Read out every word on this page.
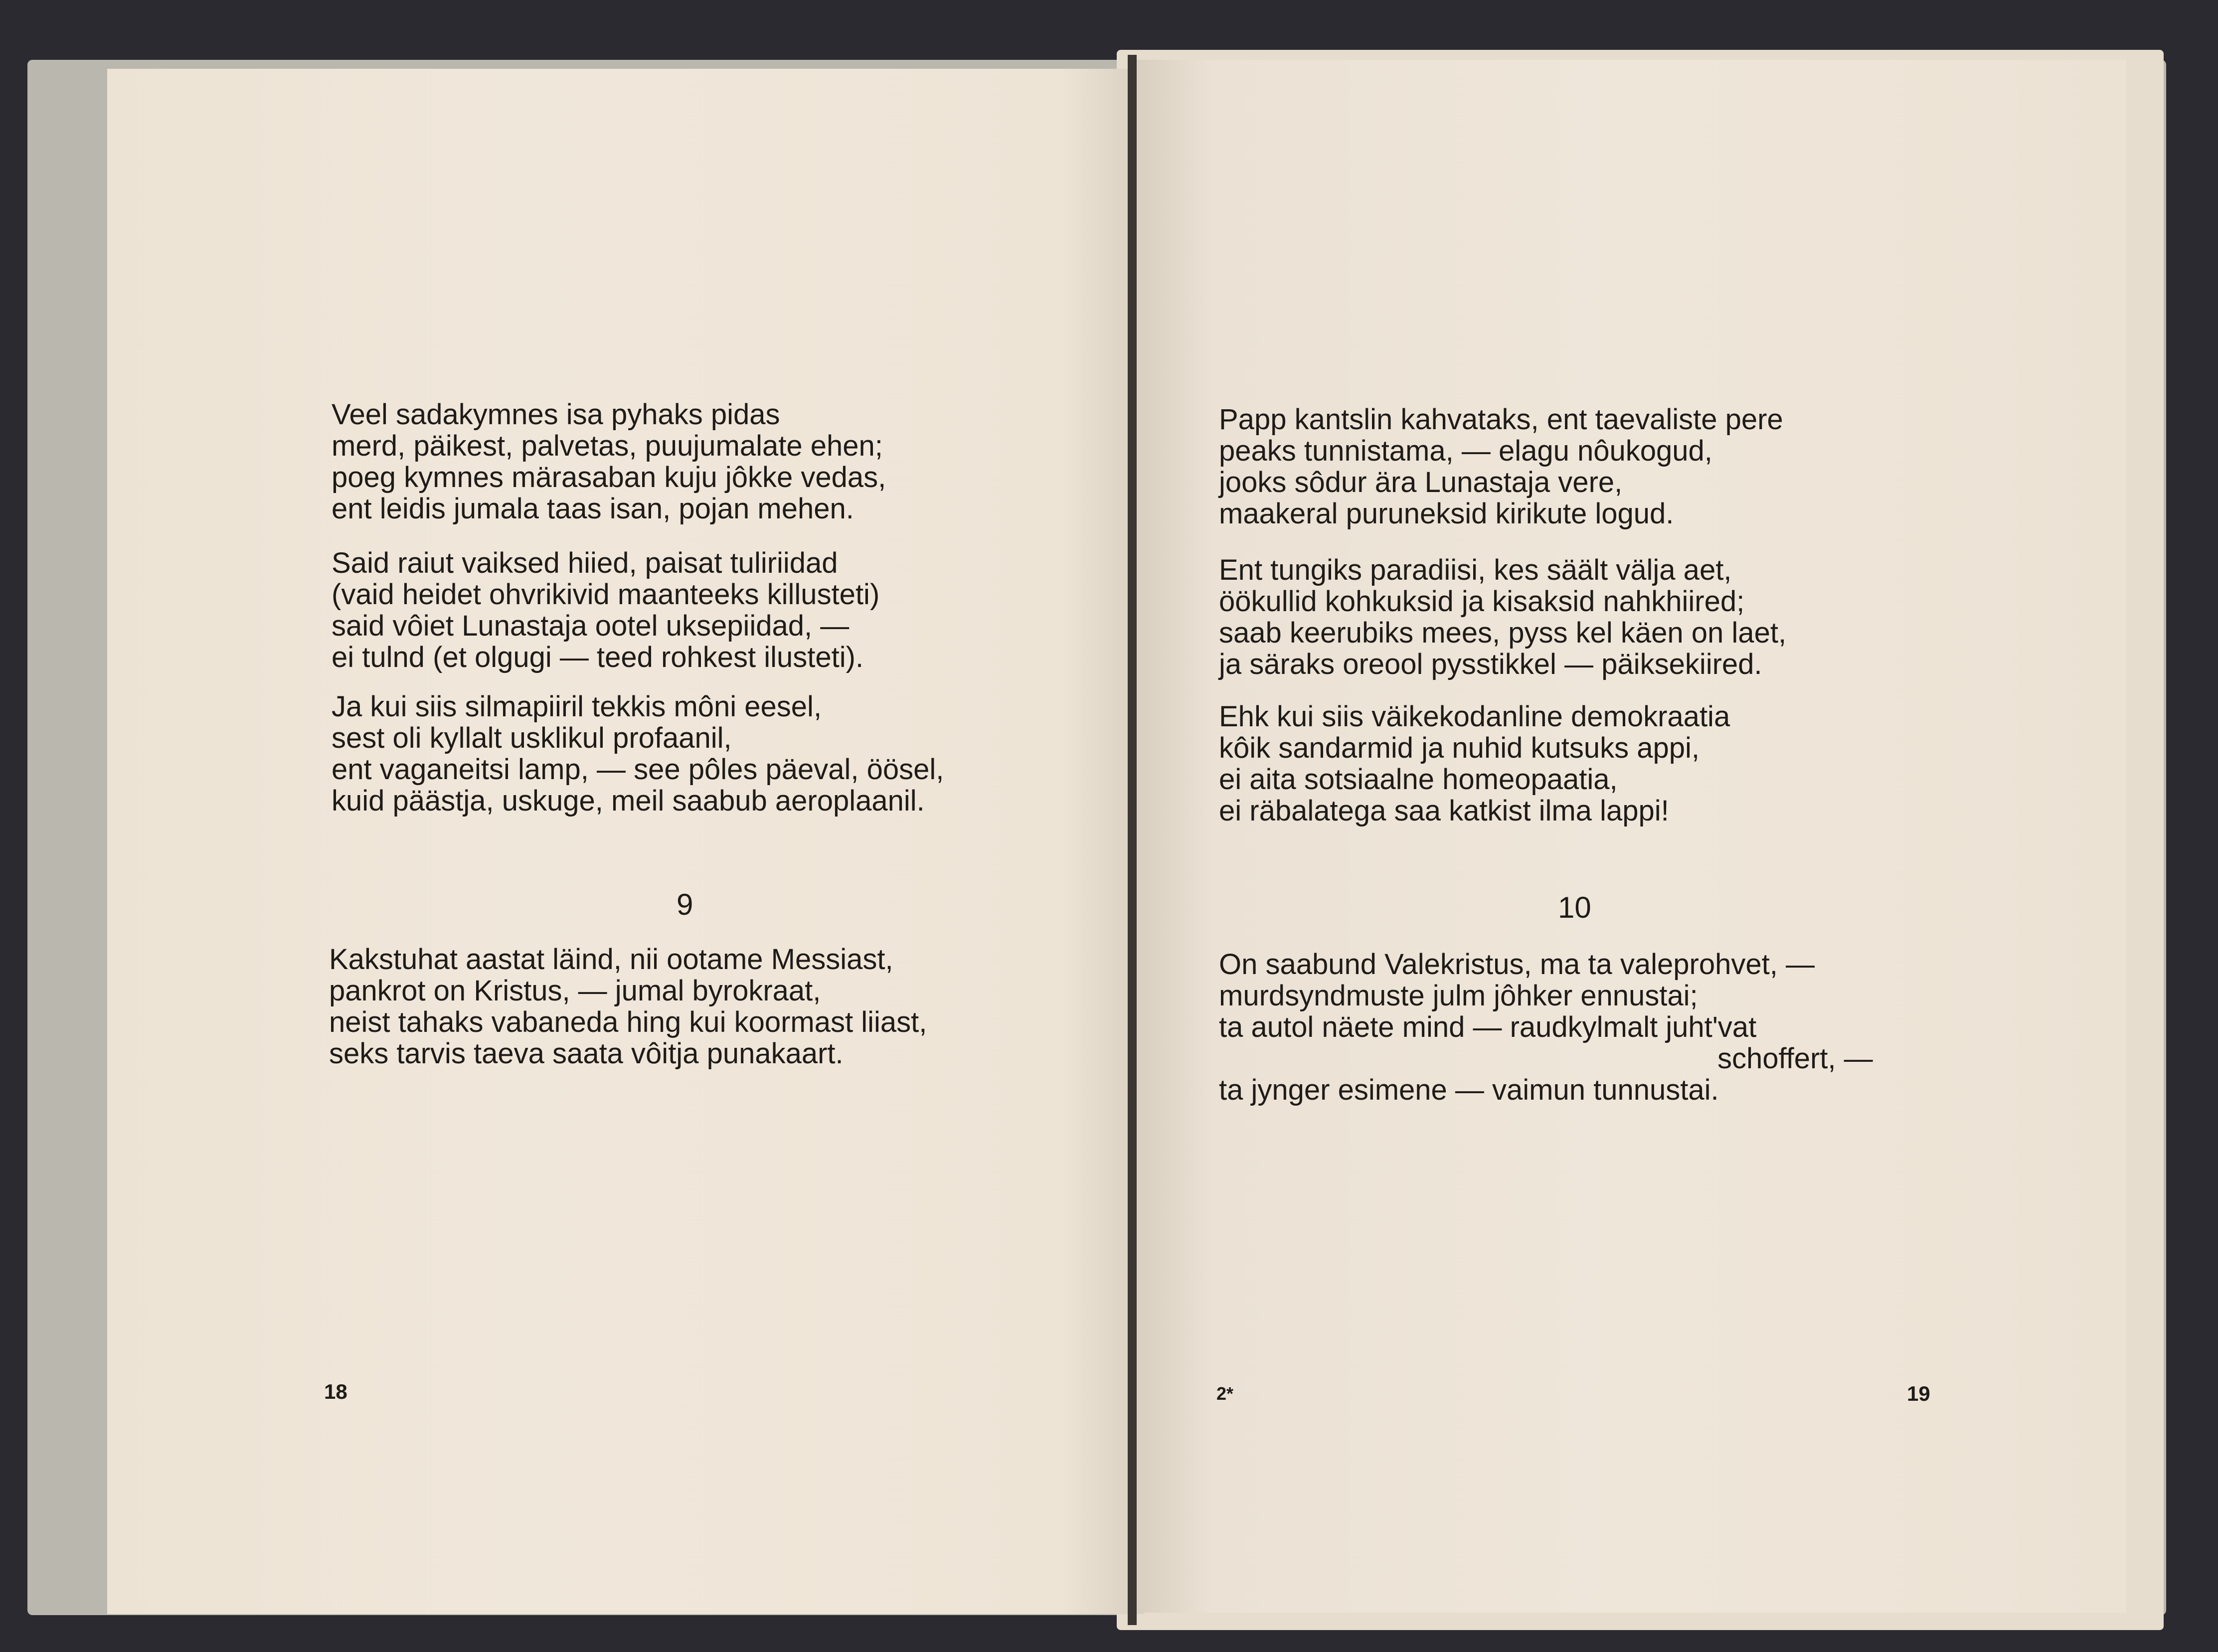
Veel sadakymnes isa pyhaks pidas
merd, päikest, palvetas, puujumalate ehen;
poeg kymnes märasaban kuju jôkke vedas,
ent leidis jumala taas isan, pojan mehen.
Said raiut vaiksed hiied, paisat tuliriidad
(vaid heidet ohvrikivid maanteeks killusteti)
said vôiet Lunastaja ootel uksepiidad, —
ei tulnd (et olgugi — teed rohkest ilusteti).
Ja kui siis silmapiiril tekkis môni eesel,
sest oli kyllalt usklikul profaanil,
ent vaganeitsi lamp, — see pôles päeval, öösel,
kuid päästja, uskuge, meil saabub aeroplaanil.

9

Kakstuhat aastat läind, nii ootame Messiast,
pankrot on Kristus, — jumal byrokraat,
neist tahaks vabaneda hing kui koormast liiast,
seks tarvis taeva saata vôitja punakaart.

18

Papp kantslin kahvataks, ent taevaliste pere
peaks tunnistama, — elagu nôukogud,
jooks sôdur ära Lunastaja vere,
maakeral puruneksid kirikute logud.
Ent tungiks paradiisi, kes säält välja aet,
öökullid kohkuksid ja kisaksid nahkhiired;
saab keerubiks mees, pyss kel käen on laet,
ja säraks oreool pysstikkel — päiksekiired.
Ehk kui siis väikekodanline demokraatia
kôik sandarmid ja nuhid kutsuks appi,
ei aita sotsiaalne homeopaatia,
ei räbalatega saa katkist ilma lappi!

10

On saabund Valekristus, ma ta valeprohvet, —
murdsyndmuste julm jôhker ennustai;
ta autol näete mind — raudkylmalt juht'vat
schoffert, —
ta jynger esimene — vaimun tunnustai.

2*	19
